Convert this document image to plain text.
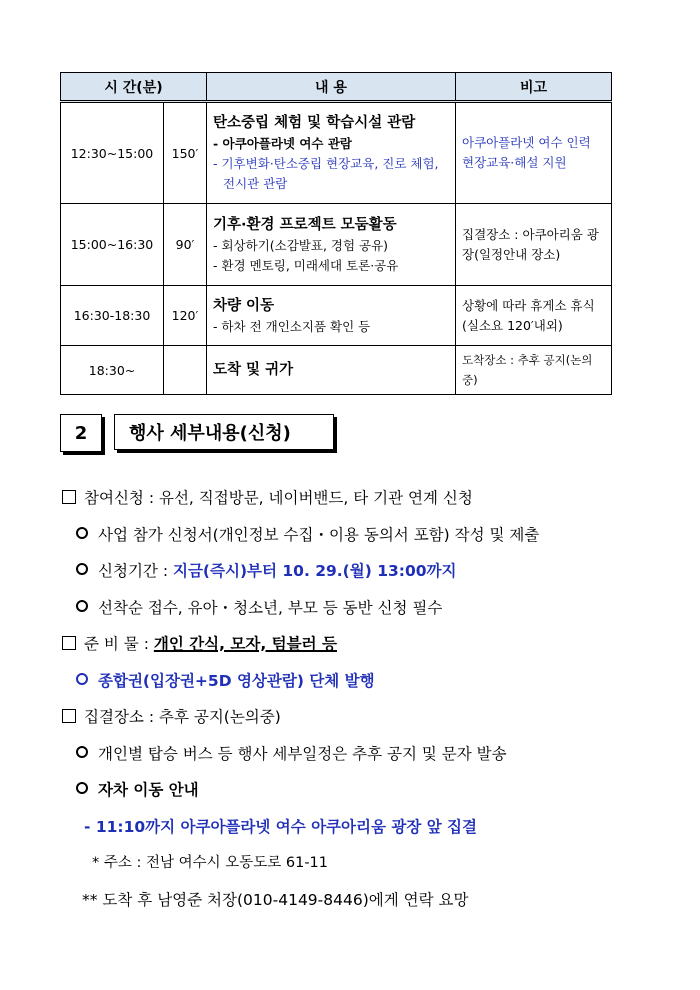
시 간(분)		내 용	비고
12:30~15:00	150′	탄소중립 체험 및 학습시설 관람
- 아쿠아플라넷 여수 관람
- 기후변화·탄소중립 현장교육, 진로 체험, 전시관 관람	아쿠아플라넷 여수 인력 현장교육·해설 지원
15:00~16:30	90′	기후·환경 프로젝트 모둠활동
- 회상하기(소감발표, 경험 공유)
- 환경 멘토링, 미래세대 토론·공유	집결장소 : 아쿠아리움 광장(일정안내 장소)
16:30-18:30	120′	차량 이동
- 하차 전 개인소지품 확인 등	상황에 따라 휴게소 휴식 (실소요 120′내외)
18:30~		도착 및 귀가	도착장소 : 추후 공지(논의중)
2	행사 세부내용(신청)
참여신청 : 유선, 직접방문, 네이버밴드, 타 기관 연계 신청
사업 참가 신청서(개인정보 수집・이용 동의서 포함) 작성 및 제출
신청기간 : 지금(즉시)부터 10. 29.(월) 13:00까지
선착순 접수, 유아・청소년, 부모 등 동반 신청 필수
준 비 물 : 개인 간식, 모자, 텀블러 등
종합권(입장권+5D 영상관람) 단체 발행
집결장소 : 추후 공지(논의중)
개인별 탑승 버스 등 행사 세부일정은 추후 공지 및 문자 발송
자차 이동 안내
- 11:10까지 아쿠아플라넷 여수 아쿠아리움 광장 앞 집결
* 주소 : 전남 여수시 오동도로 61-11
** 도착 후 남영준 처장(010-4149-8446)에게 연락 요망
